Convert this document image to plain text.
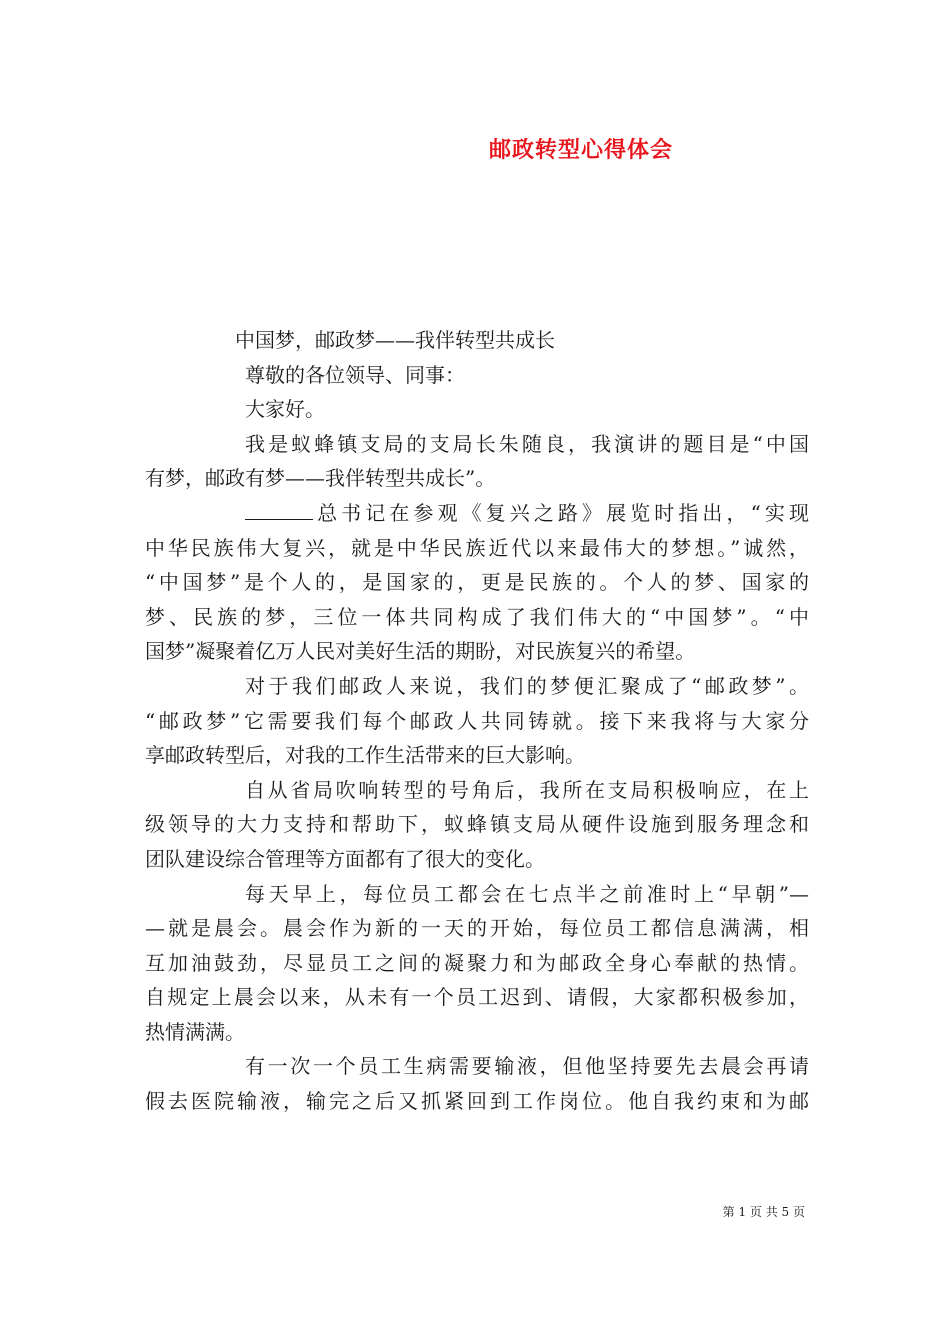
邮政转型心得体会
中国梦，邮政梦——我伴转型共成长
尊敬的各位领导、同事：
大家好。
我是蚁蜂镇支局的支局长朱随良，我演讲的题目是“中国
有梦，邮政有梦——我伴转型共成长”。
总书记在参观《复兴之路》展览时指出，“实现
中华民族伟大复兴，就是中华民族近代以来最伟大的梦想。”诚然，
“中国梦”是个人的，是国家的，更是民族的。个人的梦、国家的
梦、民族的梦，三位一体共同构成了我们伟大的“中国梦”。“中
国梦”凝聚着亿万人民对美好生活的期盼，对民族复兴的希望。
对于我们邮政人来说，我们的梦便汇聚成了“邮政梦”。
“邮政梦”它需要我们每个邮政人共同铸就。接下来我将与大家分
享邮政转型后，对我的工作生活带来的巨大影响。
自从省局吹响转型的号角后，我所在支局积极响应，在上
级领导的大力支持和帮助下，蚁蜂镇支局从硬件设施到服务理念和
团队建设综合管理等方面都有了很大的变化。
每天早上，每位员工都会在七点半之前准时上“早朝”—
—就是晨会。晨会作为新的一天的开始，每位员工都信息满满，相
互加油鼓劲，尽显员工之间的凝聚力和为邮政全身心奉献的热情。
自规定上晨会以来，从未有一个员工迟到、请假，大家都积极参加，
热情满满。
有一次一个员工生病需要输液，但他坚持要先去晨会再请
假去医院输液，输完之后又抓紧回到工作岗位。他自我约束和为邮
第 1 页 共 5 页
